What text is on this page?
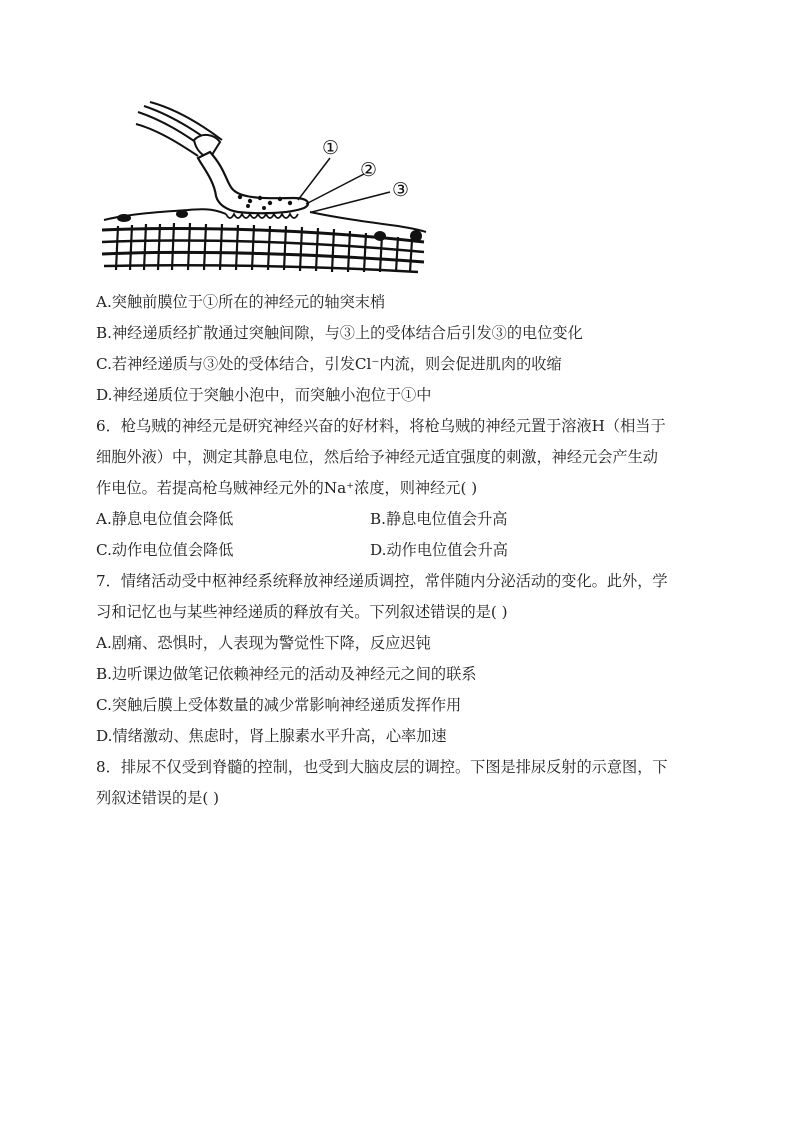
①
②
③
A.突触前膜位于①所在的神经元的轴突末梢
B.神经递质经扩散通过突触间隙，与③上的受体结合后引发③的电位变化
C.若神经递质与③处的受体结合，引发Cl⁻内流，则会促进肌肉的收缩
D.神经递质位于突触小泡中，而突触小泡位于①中
6．枪乌贼的神经元是研究神经兴奋的好材料，将枪乌贼的神经元置于溶液H（相当于
细胞外液）中，测定其静息电位，然后给予神经元适宜强度的刺激，神经元会产生动
作电位。若提高枪乌贼神经元外的Na⁺浓度，则神经元( )
A.静息电位值会降低	B.静息电位值会升高
C.动作电位值会降低	D.动作电位值会升高
7．情绪活动受中枢神经系统释放神经递质调控，常伴随内分泌活动的变化。此外，学
习和记忆也与某些神经递质的释放有关。下列叙述错误的是( )
A.剧痛、恐惧时，人表现为警觉性下降，反应迟钝
B.边听课边做笔记依赖神经元的活动及神经元之间的联系
C.突触后膜上受体数量的减少常影响神经递质发挥作用
D.情绪激动、焦虑时，肾上腺素水平升高，心率加速
8．排尿不仅受到脊髓的控制，也受到大脑皮层的调控。下图是排尿反射的示意图，下
列叙述错误的是( )
